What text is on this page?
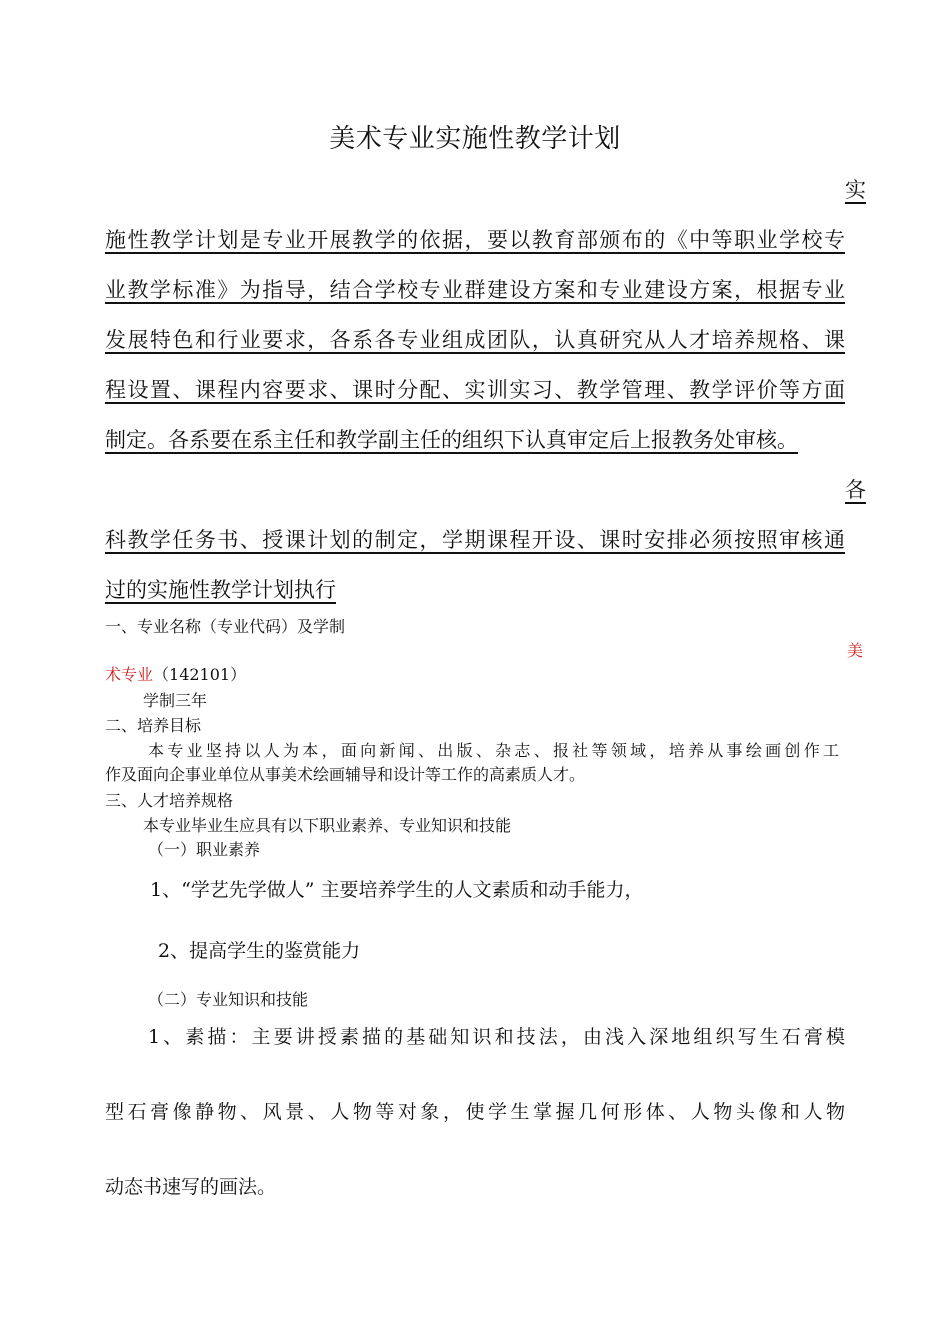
美术专业实施性教学计划
实
施性教学计划是专业开展教学的依据，要以教育部颁布的《中等职业学校专
业教学标准》为指导，结合学校专业群建设方案和专业建设方案，根据专业
发展特色和行业要求，各系各专业组成团队，认真研究从人才培养规格、课
程设置、课程内容要求、课时分配、实训实习、教学管理、教学评价等方面
制定。各系要在系主任和教学副主任的组织下认真审定后上报教务处审核。
各
科教学任务书、授课计划的制定，学期课程开设、课时安排必须按照审核通
过的实施性教学计划执行
一、专业名称（专业代码）及学制
美
术专业（142101）
学制三年
二、培养目标
本专业坚持以人为本，面向新闻、出版、杂志、报社等领域，培养从事绘画创作工
作及面向企事业单位从事美术绘画辅导和设计等工作的高素质人才。
三、人才培养规格
本专业毕业生应具有以下职业素养、专业知识和技能
（一）职业素养
1、“学艺先学做人” 主要培养学生的人文素质和动手能力，
2、提高学生的鉴赏能力
（二）专业知识和技能
1、素描：主要讲授素描的基础知识和技法，由浅入深地组织写生石膏模
型石膏像静物、风景、人物等对象，使学生掌握几何形体、人物头像和人物
动态书速写的画法。
